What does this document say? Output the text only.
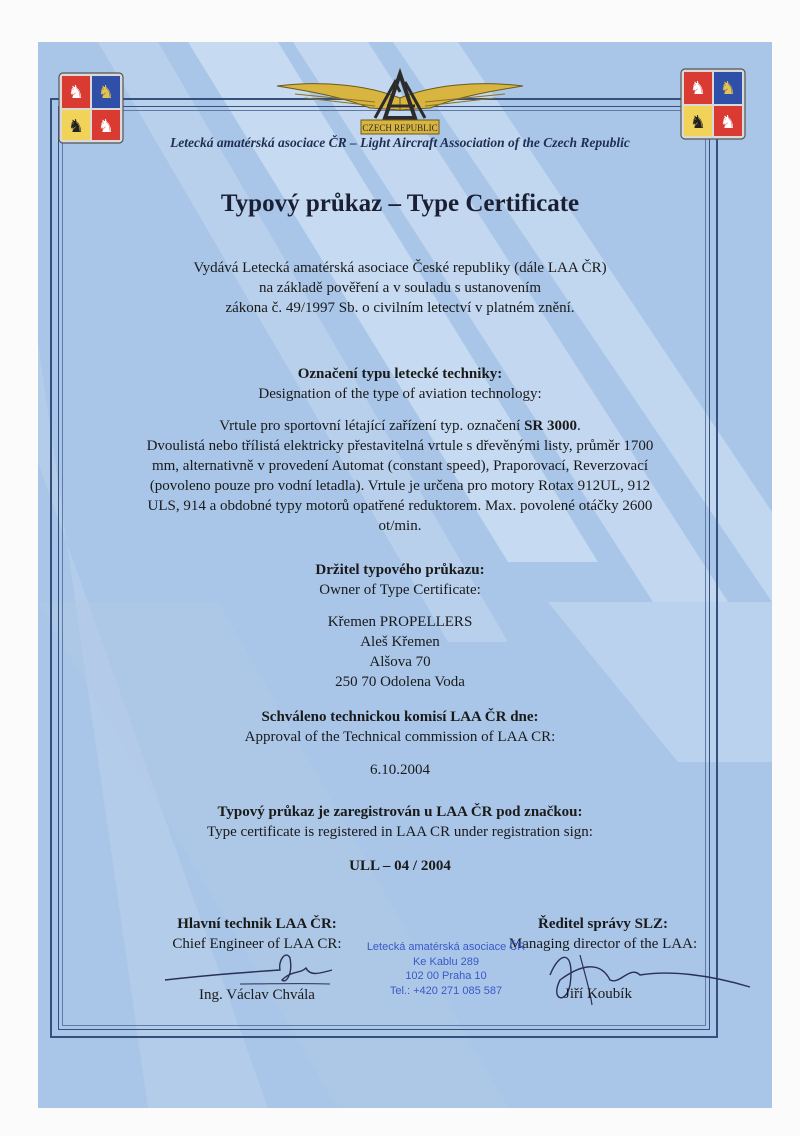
♞ ♞
♞ ♞
♞ ♞
♞ ♞
CZECH REPUBLIC
Letecká amatérská asociace ČR – Light Aircraft Association of the Czech Republic
Typový průkaz – Type Certificate
Vydává Letecká amatérská asociace České republiky (dále LAA ČR)
na základě pověření a v souladu s ustanovením
zákona č. 49/1997 Sb. o civilním letectví v platném znění.
Označení typu letecké techniky:
Designation of the type of aviation technology:
Vrtule pro sportovní létající zařízení typ. označení SR 3000.
Dvoulistá nebo třílistá elektricky přestavitelná vrtule s dřevěnými listy, průměr 1700
mm, alternativně v provedení Automat (constant speed), Praporovací, Reverzovací
(povoleno pouze pro vodní letadla). Vrtule je určena pro motory Rotax 912UL, 912
ULS, 914 a obdobné typy motorů opatřené reduktorem. Max. povolené otáčky 2600
ot/min.
Držitel typového průkazu:
Owner of Type Certificate:
Křemen PROPELLERS
Aleš Křemen
Alšova 70
250 70 Odolena Voda
Schváleno technickou komisí LAA ČR dne:
Approval of the Technical commission of LAA CR:
6.10.2004
Typový průkaz je zaregistrován u LAA ČR pod značkou:
Type certificate is registered in LAA CR under registration sign:
ULL – 04 / 2004
Hlavní technik LAA ČR:
Chief Engineer of LAA CR:
Ředitel správy SLZ:
Managing director of the LAA:
Ing. Václav Chvála	Jiří Koubík
Letecká amatérská asociace ČR
Ke Kablu 289
102 00 Praha 10
Tel.: +420 271 085 587
